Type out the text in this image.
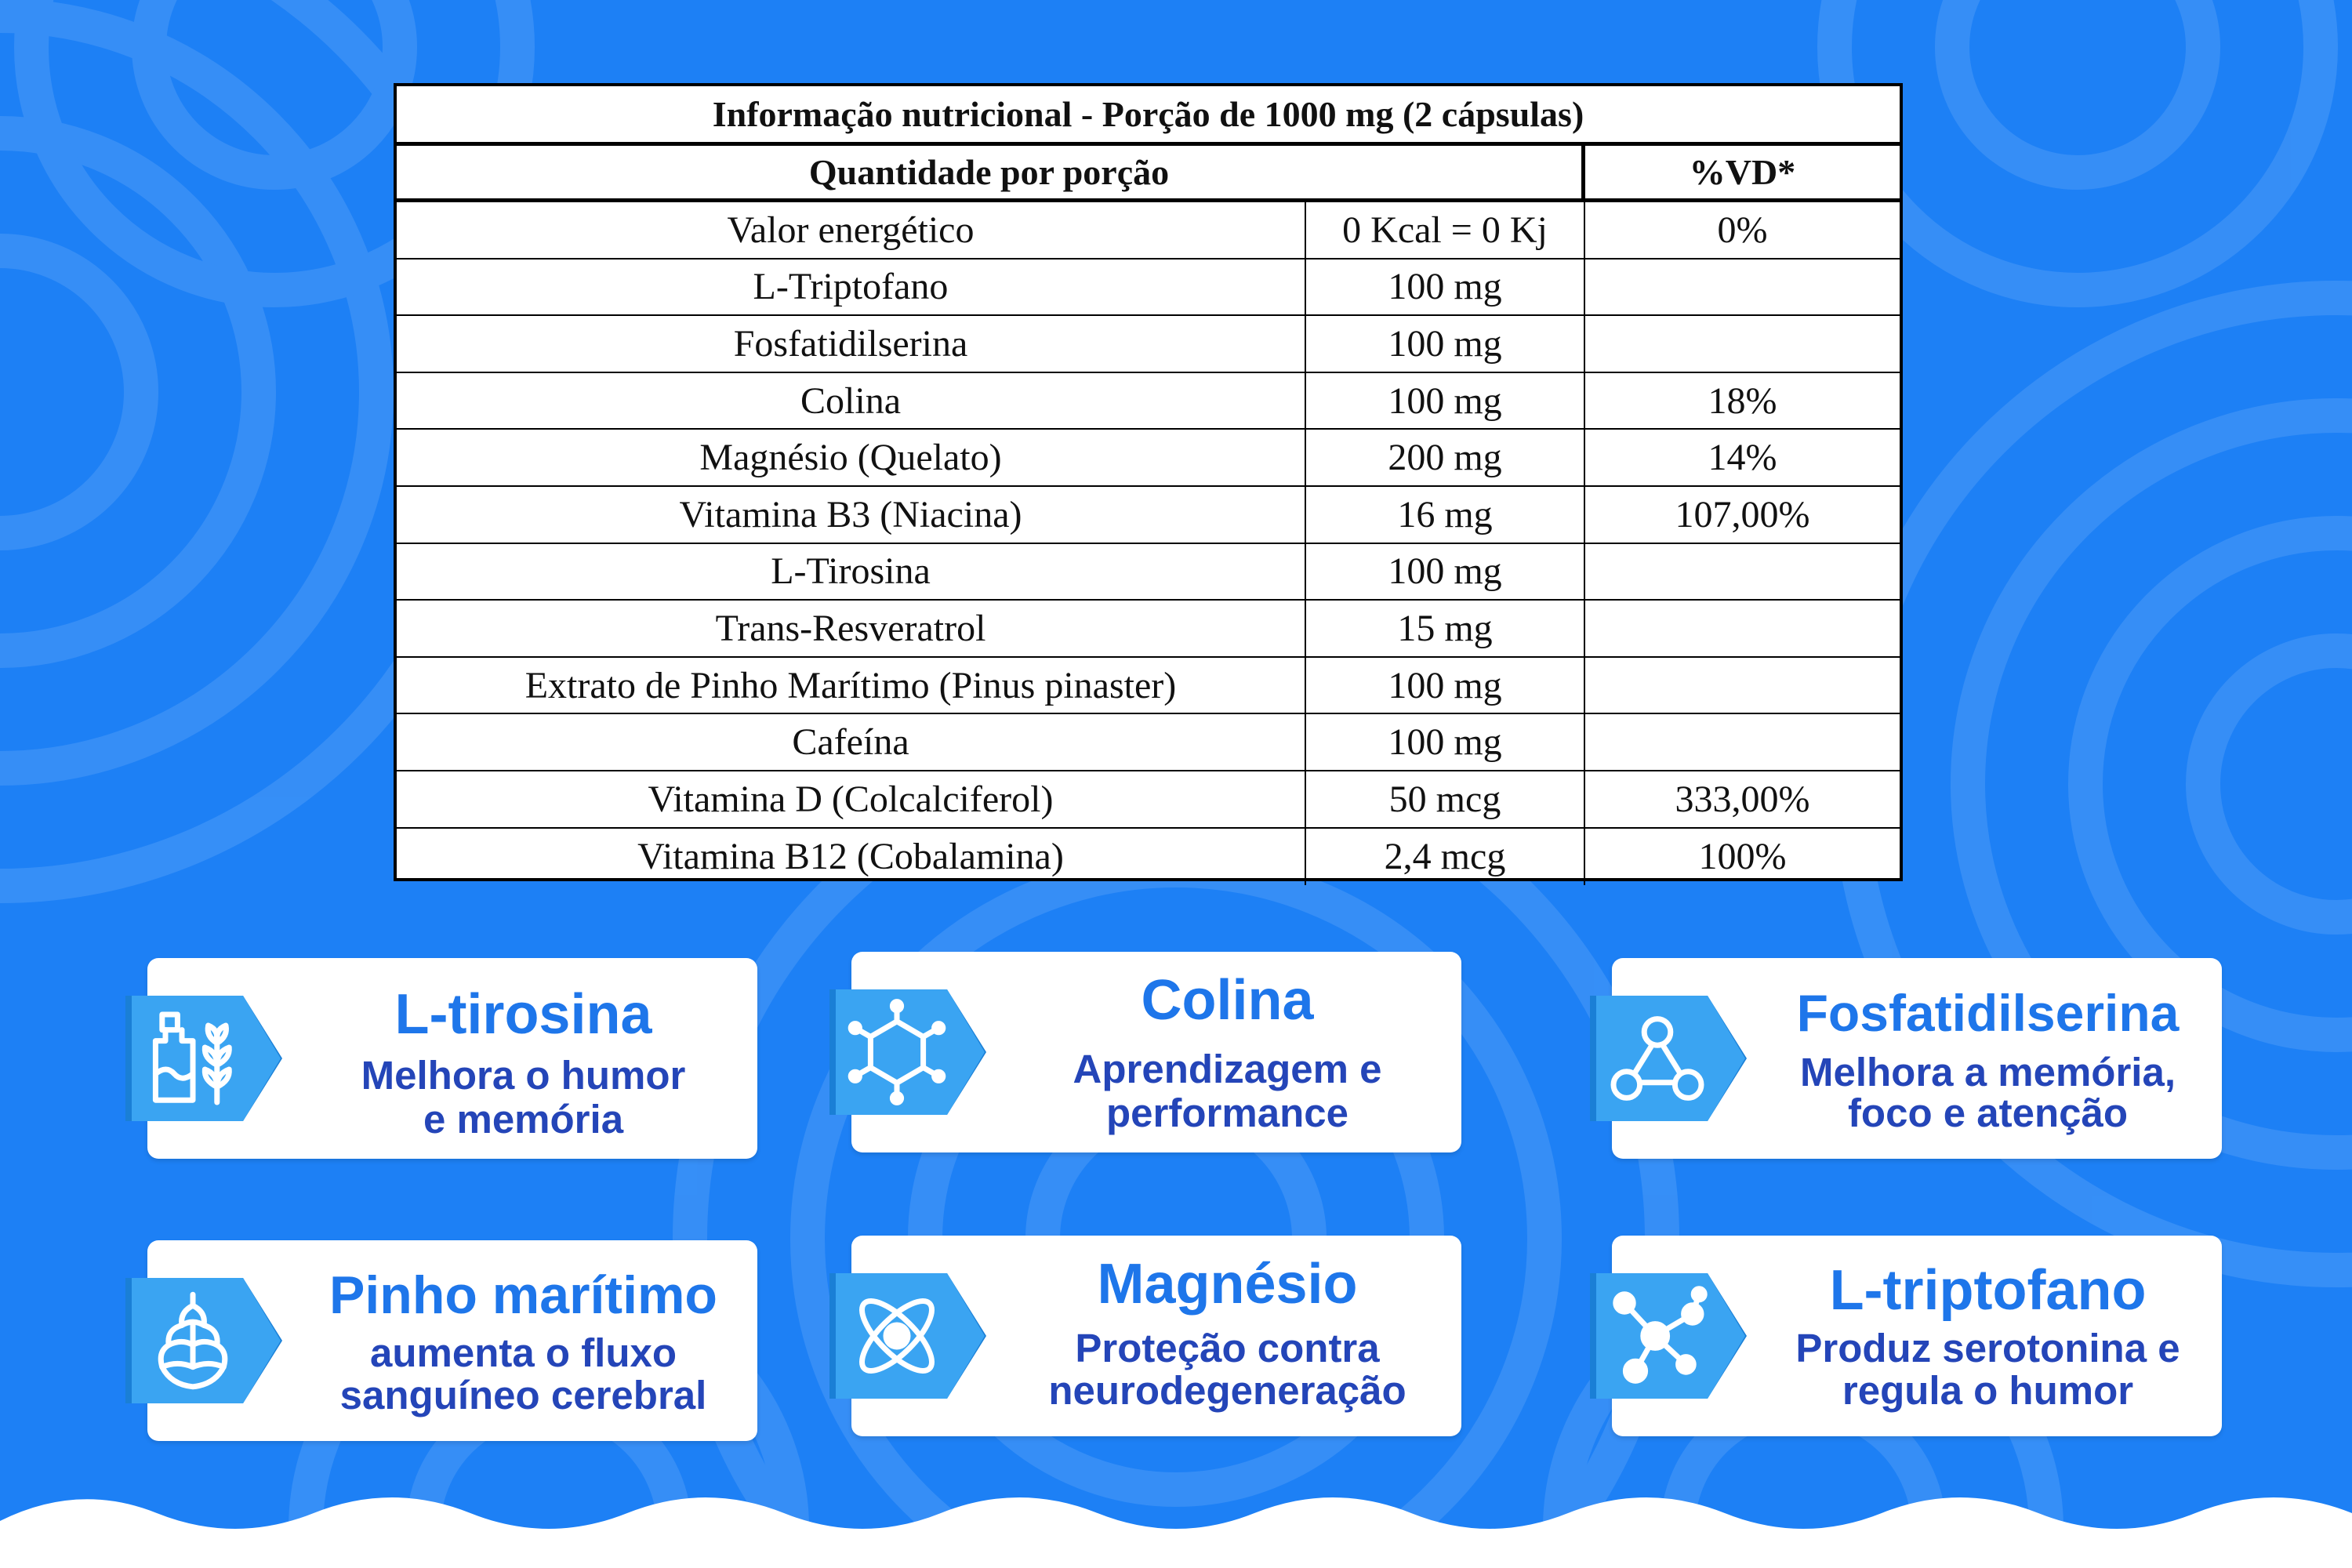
Informação nutricional - Porção de 1000 mg (2 cápsulas)
Quantidade por porção	%VD*
Valor energético	0 Kcal = 0 Kj	0%
L-Triptofano	100 mg
Fosfatidilserina	100 mg
Colina	100 mg	18%
Magnésio (Quelato)	200 mg	14%
Vitamina B3 (Niacina)	16 mg	107,00%
L-Tirosina	100 mg
Trans-Resveratrol	15 mg
Extrato de Pinho Marítimo (Pinus pinaster)	100 mg
Cafeína	100 mg
Vitamina D (Colcalciferol)	50 mcg	333,00%
Vitamina B12 (Cobalamina)	2,4 mcg	100%
L-tirosina
Melhora o humor
e memória
Colina
Aprendizagem e
performance
Fosfatidilserina
Melhora a memória,
foco e atenção
Pinho marítimo
aumenta o fluxo
sanguíneo cerebral
Magnésio
Proteção contra
neurodegeneração
L-triptofano
Produz serotonina e
regula o humor
